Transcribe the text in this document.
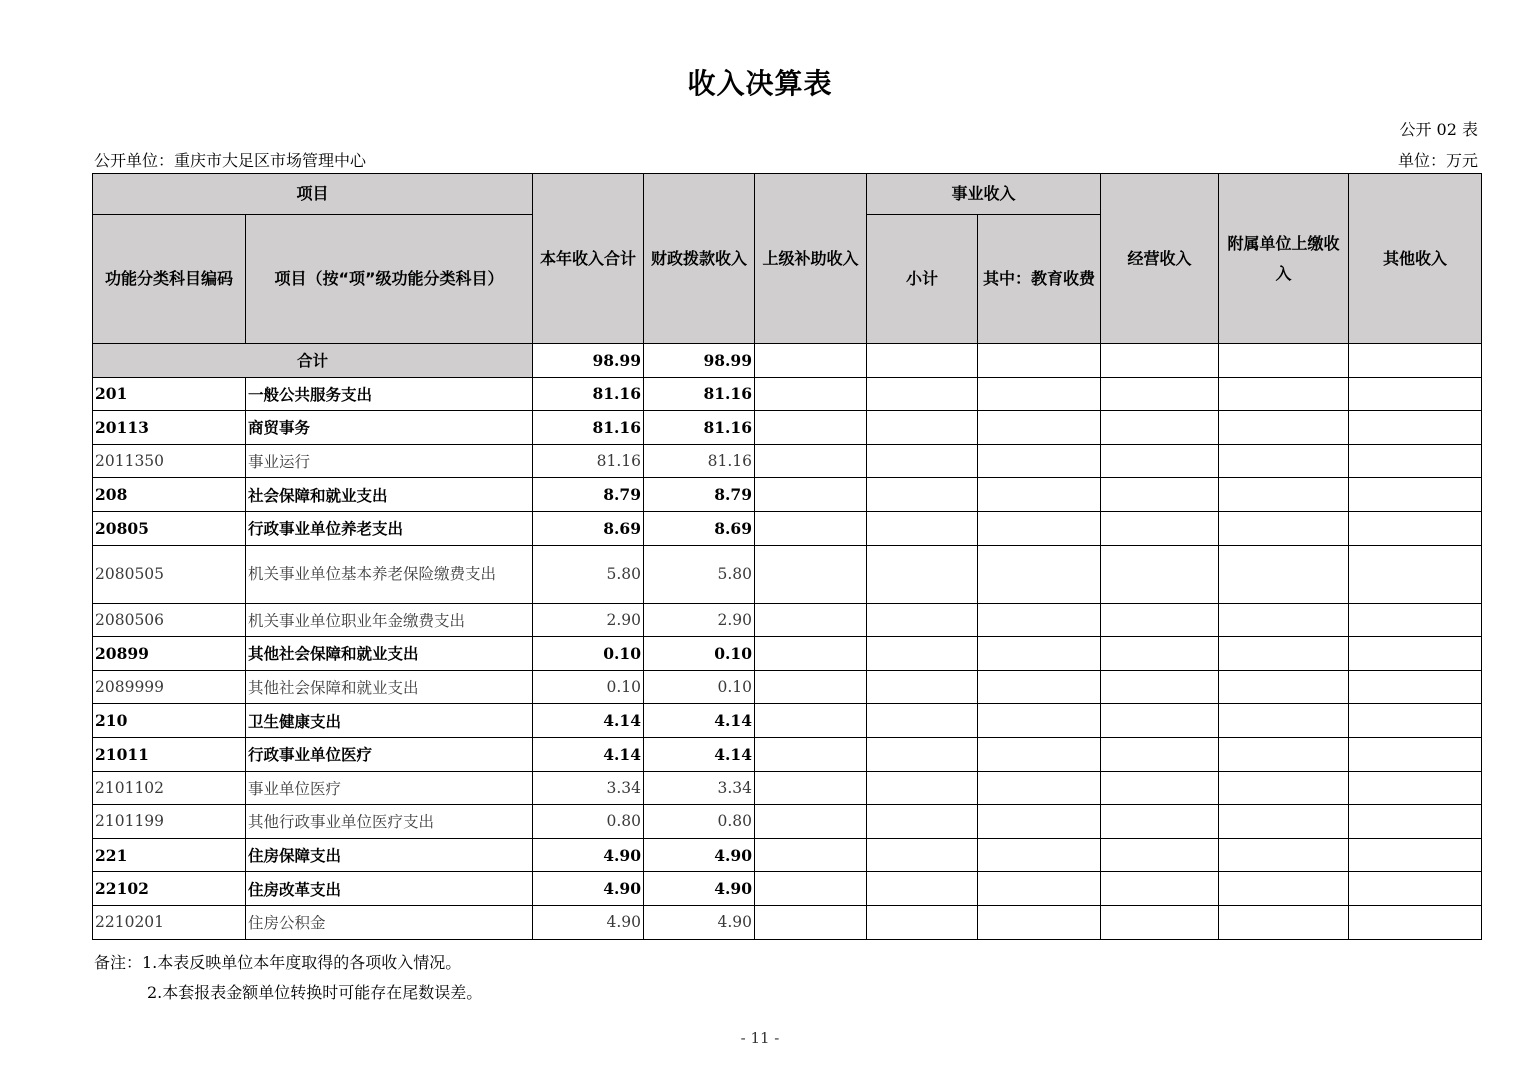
收入决算表
公开 02 表
公开单位：重庆市大足区市场管理中心	单位：万元
项目		本年收入合计	财政拨款收入	上级补助收入	事业收入		经营收入	附属单位上缴收入	其他收入
功能分类科目编码	项目（按“项”级功能分类科目）				小计	其中：教育收费			
合计		98.99	98.99						
201	一般公共服务支出	81.16	81.16						
20113	商贸事务	81.16	81.16						
2011350	事业运行	81.16	81.16						
208	社会保障和就业支出	8.79	8.79						
20805	行政事业单位养老支出	8.69	8.69						
2080505	机关事业单位基本养老保险缴费支出	5.80	5.80						
2080506	机关事业单位职业年金缴费支出	2.90	2.90						
20899	其他社会保障和就业支出	0.10	0.10						
2089999	其他社会保障和就业支出	0.10	0.10						
210	卫生健康支出	4.14	4.14						
21011	行政事业单位医疗	4.14	4.14						
2101102	事业单位医疗	3.34	3.34						
2101199	其他行政事业单位医疗支出	0.80	0.80						
221	住房保障支出	4.90	4.90						
22102	住房改革支出	4.90	4.90						
2210201	住房公积金	4.90	4.90						
备注：1.本表反映单位本年度取得的各项收入情况。
2.本套报表金额单位转换时可能存在尾数误差。
- 11 -
